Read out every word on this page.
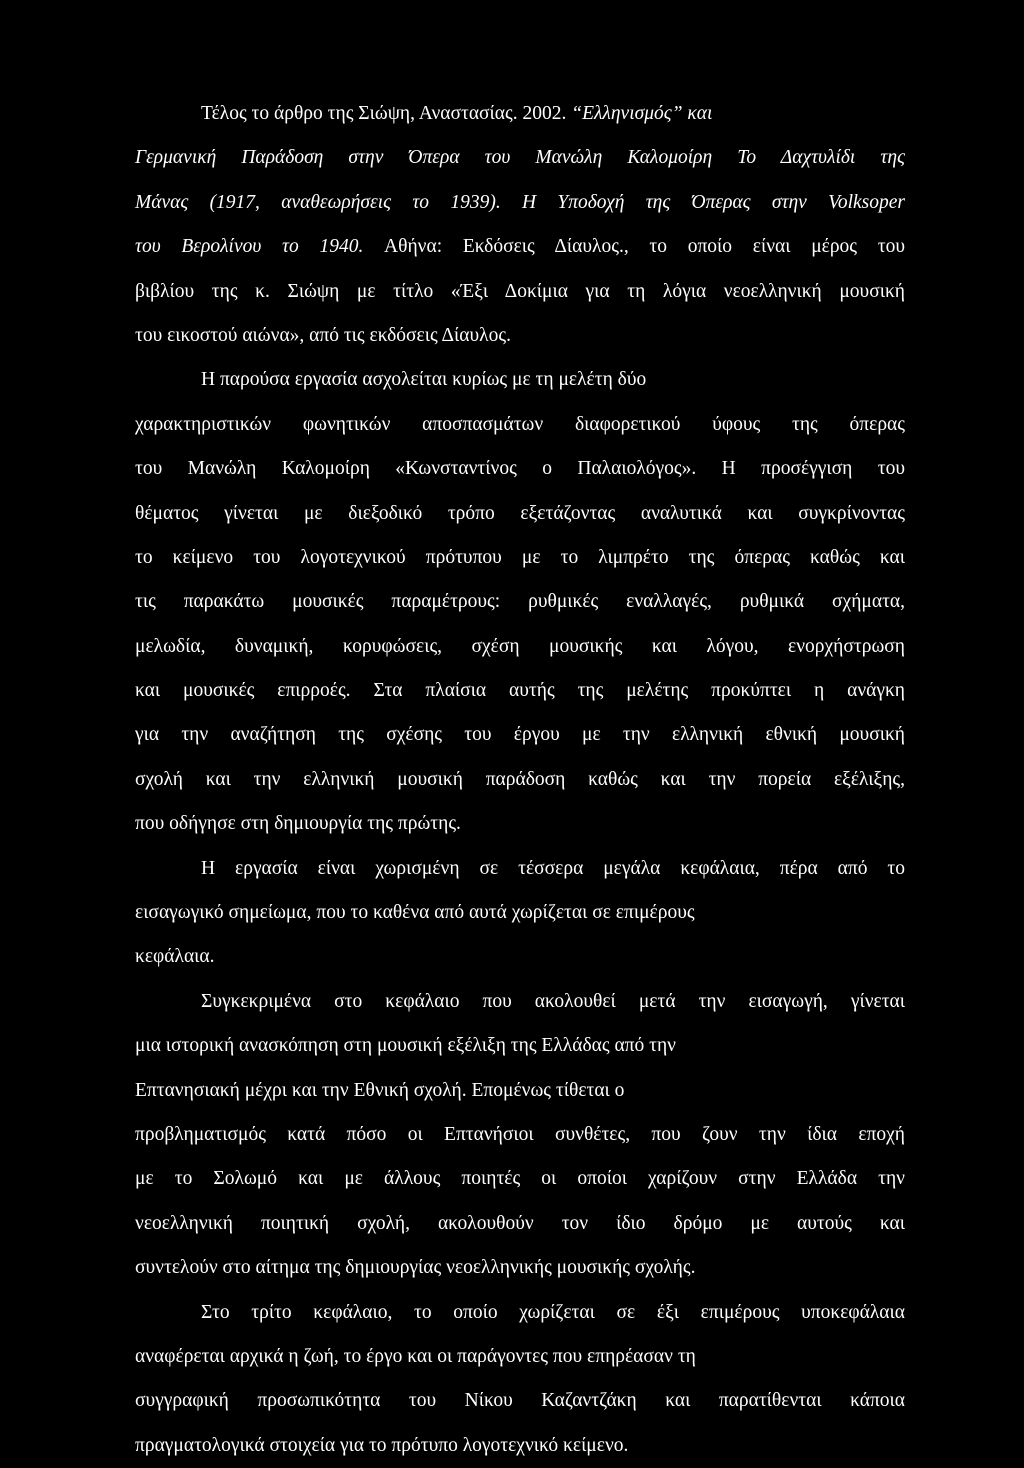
Τέλος το άρθρο της Σιώψη, Αναστασίας. 2002. “Ελληνισμός” και
Γερμανική Παράδοση στην Όπερα του Μανώλη Καλομοίρη Το Δαχτυλίδι της
Μάνας (1917, αναθεωρήσεις το 1939). Η Υποδοχή της Όπερας στην Volksoper
του Βερολίνου το 1940. Αθήνα: Εκδόσεις Δίαυλος., το οποίο είναι μέρος του
βιβλίου της κ. Σιώψη με τίτλο «Έξι Δοκίμια για τη λόγια νεοελληνική μουσική
του εικοστού αιώνα», από τις εκδόσεις Δίαυλος.
Η παρούσα εργασία ασχολείται κυρίως με τη μελέτη δύο
χαρακτηριστικών φωνητικών αποσπασμάτων διαφορετικού ύφους της όπερας
του Μανώλη Καλομοίρη «Κωνσταντίνος ο Παλαιολόγος». Η προσέγγιση του
θέματος γίνεται με διεξοδικό τρόπο εξετάζοντας αναλυτικά και συγκρίνοντας
το κείμενο του λογοτεχνικού πρότυπου με το λιμπρέτο της όπερας καθώς και
τις παρακάτω μουσικές παραμέτρους: ρυθμικές εναλλαγές, ρυθμικά σχήματα,
μελωδία, δυναμική, κορυφώσεις, σχέση μουσικής και λόγου, ενορχήστρωση
και μουσικές επιρροές. Στα πλαίσια αυτής της μελέτης προκύπτει η ανάγκη
για την αναζήτηση της σχέσης του έργου με την ελληνική εθνική μουσική
σχολή και την ελληνική μουσική παράδοση καθώς και την πορεία εξέλιξης,
που οδήγησε στη δημιουργία της πρώτης.
Η εργασία είναι χωρισμένη σε τέσσερα μεγάλα κεφάλαια, πέρα από το
εισαγωγικό σημείωμα, που το καθένα από αυτά χωρίζεται σε επιμέρους
κεφάλαια.
Συγκεκριμένα στο κεφάλαιο που ακολουθεί μετά την εισαγωγή, γίνεται
μια ιστορική ανασκόπηση στη μουσική εξέλιξη της Ελλάδας από την
Επτανησιακή μέχρι και την Εθνική σχολή. Επομένως τίθεται ο
προβληματισμός κατά πόσο οι Επτανήσιοι συνθέτες, που ζουν την ίδια εποχή
με το Σολωμό και με άλλους ποιητές οι οποίοι χαρίζουν στην Ελλάδα την
νεοελληνική ποιητική σχολή, ακολουθούν τον ίδιο δρόμο με αυτούς και
συντελούν στο αίτημα της δημιουργίας νεοελληνικής μουσικής σχολής.
Στο τρίτο κεφάλαιο, το οποίο χωρίζεται σε έξι επιμέρους υποκεφάλαια
αναφέρεται αρχικά η ζωή, το έργο και οι παράγοντες που επηρέασαν τη
συγγραφική προσωπικότητα του Νίκου Καζαντζάκη και παρατίθενται κάποια
πραγματολογικά στοιχεία για το πρότυπο λογοτεχνικό κείμενο.
